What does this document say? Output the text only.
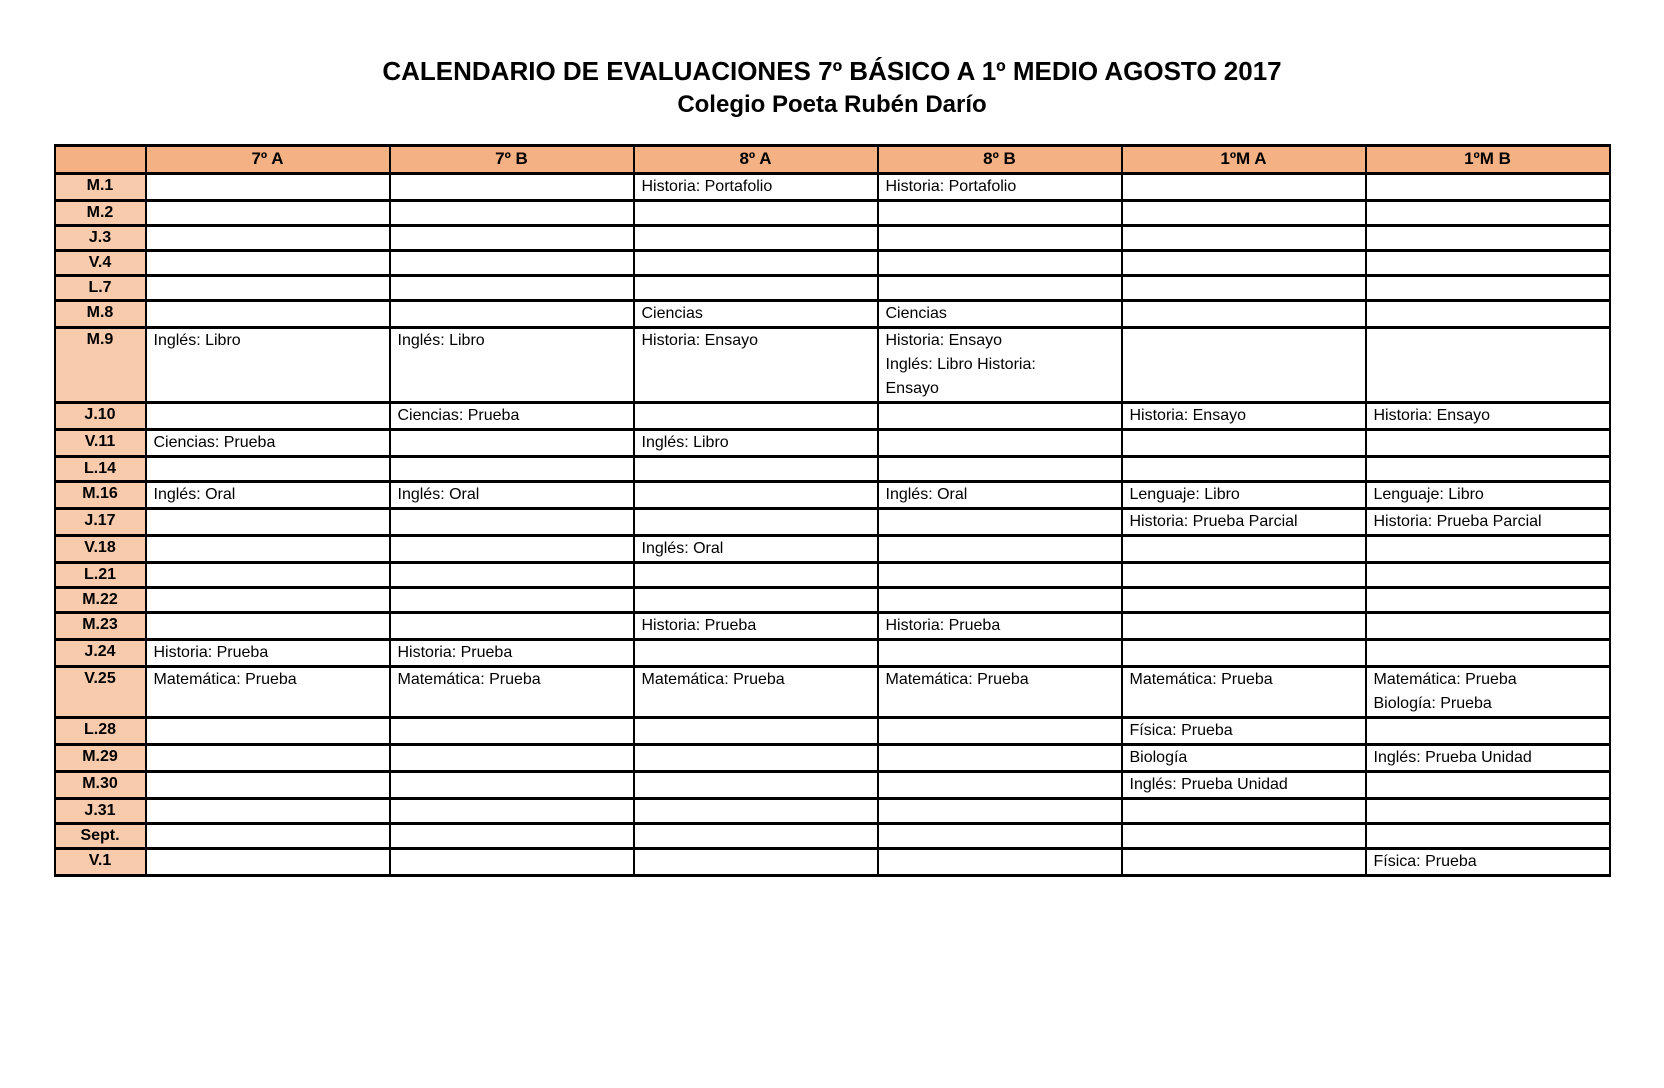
CALENDARIO DE EVALUACIONES 7º BÁSICO A 1º MEDIO AGOSTO 2017
Colegio Poeta Rubén Darío
	7º A	7º B	8º A	8º B	1ºM A	1ºM B
M.1			Historia: Portafolio	Historia: Portafolio		

M.2						
J.3						
V.4						
L.7						
M.8			Ciencias	Ciencias		

M.9	Inglés: Libro	Inglés: Libro	Historia: Ensayo	Historia: Ensayo
Inglés: Libro Historia:
Ensayo		

J.10		Ciencias: Prueba			Historia: Ensayo	Historia: Ensayo

V.11	Ciencias: Prueba		Inglés: Libro			

L.14						
M.16	Inglés: Oral	Inglés: Oral		Inglés: Oral	Lenguaje: Libro	Lenguaje: Libro

J.17					Historia: Prueba Parcial	Historia: Prueba Parcial

V.18			Inglés: Oral			

L.21						
M.22						
M.23			Historia: Prueba	Historia: Prueba		

J.24	Historia: Prueba	Historia: Prueba				

V.25	Matemática: Prueba	Matemática: Prueba	Matemática: Prueba	Matemática: Prueba	Matemática: Prueba	Matemática: Prueba
Biología: Prueba

L.28					Física: Prueba	

M.29					Biología	Inglés: Prueba Unidad

M.30					Inglés: Prueba Unidad	

J.31						
Sept.						
V.1						Física: Prueba
